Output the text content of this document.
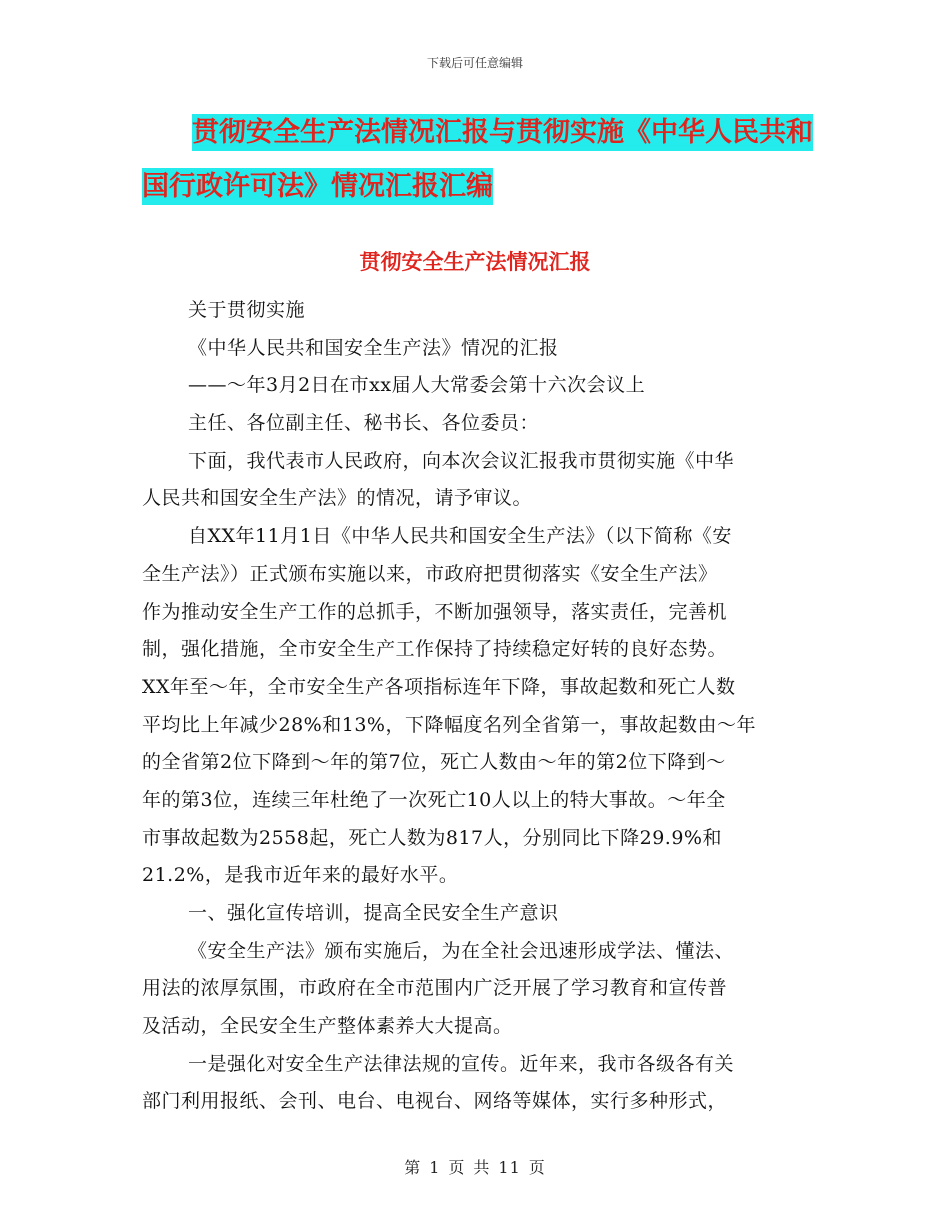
下载后可任意编辑
贯彻安全生产法情况汇报与贯彻实施《中华人民共和
国行政许可法》情况汇报汇编
贯彻安全生产法情况汇报
关于贯彻实施
《中华人民共和国安全生产法》情况的汇报
——～年3月2日在市xx届人大常委会第十六次会议上
主任、各位副主任、秘书长、各位委员：
下面，我代表市人民政府，向本次会议汇报我市贯彻实施《中华
人民共和国安全生产法》的情况，请予审议。
自XX年11月1日《中华人民共和国安全生产法》（以下简称《安
全生产法》）正式颁布实施以来，市政府把贯彻落实《安全生产法》
作为推动安全生产工作的总抓手，不断加强领导，落实责任，完善机
制，强化措施，全市安全生产工作保持了持续稳定好转的良好态势。
XX年至～年，全市安全生产各项指标连年下降，事故起数和死亡人数
平均比上年减少28%和13%，下降幅度名列全省第一，事故起数由～年
的全省第2位下降到～年的第7位，死亡人数由～年的第2位下降到～
年的第3位，连续三年杜绝了一次死亡10人以上的特大事故。～年全
市事故起数为2558起，死亡人数为817人，分别同比下降29.9%和
21.2%，是我市近年来的最好水平。
一、强化宣传培训，提高全民安全生产意识
《安全生产法》颁布实施后，为在全社会迅速形成学法、懂法、
用法的浓厚氛围，市政府在全市范围内广泛开展了学习教育和宣传普
及活动，全民安全生产整体素养大大提高。
一是强化对安全生产法律法规的宣传。近年来，我市各级各有关
部门利用报纸、会刊、电台、电视台、网络等媒体，实行多种形式，
第 1 页 共 11 页
